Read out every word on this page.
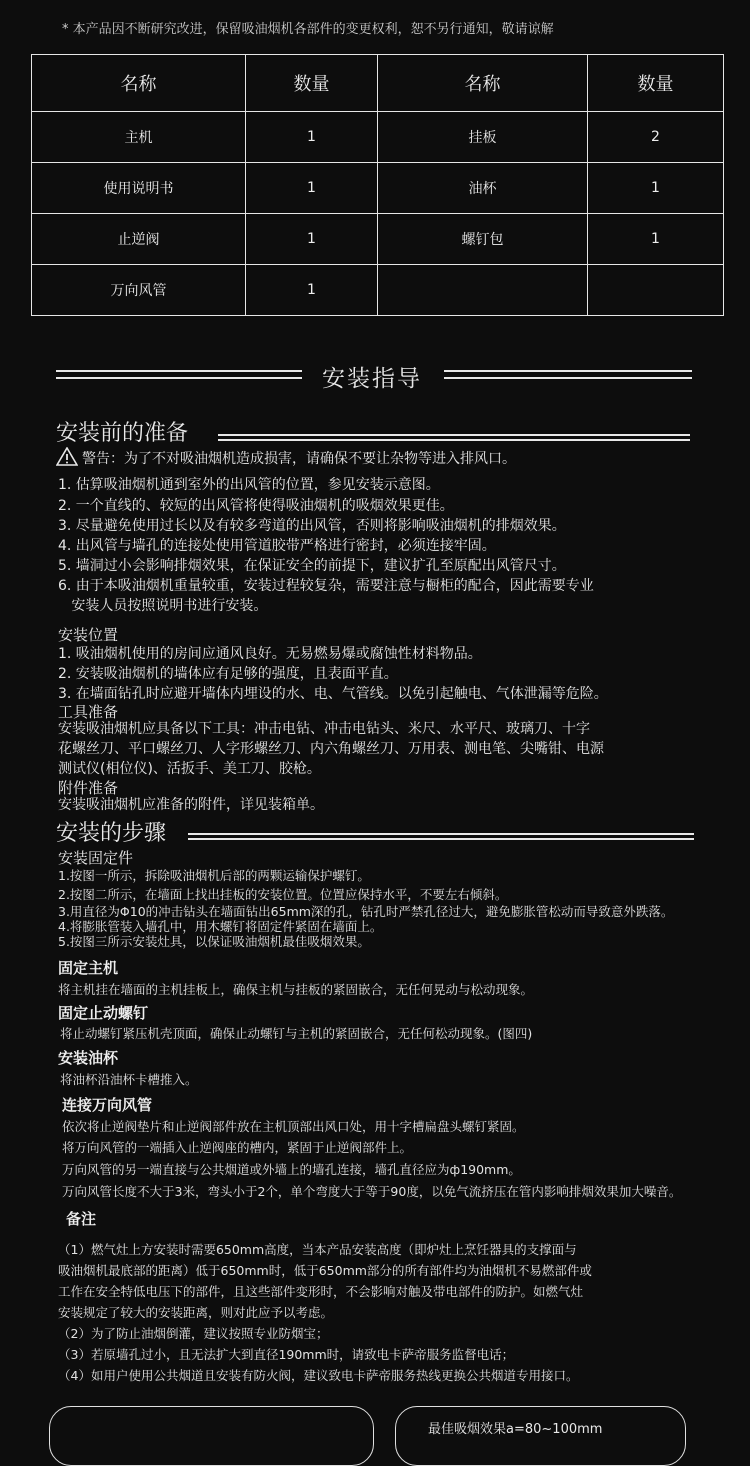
* 本产品因不断研究改进，保留吸油烟机各部件的变更权利，恕不另行通知，敬请谅解
名称	数量	名称	数量
主机	1	挂板	2
使用说明书	1	油杯	1
止逆阀	1	螺钉包	1
万向风管	1		
安装指导
安装前的准备
警告：为了不对吸油烟机造成损害，请确保不要让杂物等进入排风口。
1. 估算吸油烟机通到室外的出风管的位置，参见安装示意图。
2. 一个直线的、较短的出风管将使得吸油烟机的吸烟效果更佳。
3. 尽量避免使用过长以及有较多弯道的出风管，否则将影响吸油烟机的排烟效果。
4. 出风管与墙孔的连接处使用管道胶带严格进行密封，必须连接牢固。
5. 墙洞过小会影响排烟效果，在保证安全的前提下，建议扩孔至原配出风管尺寸。
6. 由于本吸油烟机重量较重，安装过程较复杂，需要注意与橱柜的配合，因此需要专业
安装人员按照说明书进行安装。
安装位置
1. 吸油烟机使用的房间应通风良好。无易燃易爆或腐蚀性材料物品。
2. 安装吸油烟机的墙体应有足够的强度，且表面平直。
3. 在墙面钻孔时应避开墙体内埋设的水、电、气管线。以免引起触电、气体泄漏等危险。
工具准备
安装吸油烟机应具备以下工具：冲击电钻、冲击电钻头、米尺、水平尺、玻璃刀、十字
花螺丝刀、平口螺丝刀、人字形螺丝刀、内六角螺丝刀、万用表、测电笔、尖嘴钳、电源
测试仪(相位仪)、活扳手、美工刀、胶枪。
附件准备
安装吸油烟机应准备的附件，详见装箱单。
安装的步骤
安装固定件
1.按图一所示，拆除吸油烟机后部的两颗运输保护螺钉。
2.按图二所示，在墙面上找出挂板的安装位置。位置应保持水平，不要左右倾斜。
3.用直径为Φ10的冲击钻头在墙面钻出65mm深的孔，钻孔时严禁孔径过大，避免膨胀管松动而导致意外跌落。
4.将膨胀管装入墙孔中，用木螺钉将固定件紧固在墙面上。
5.按图三所示安装灶具，以保证吸油烟机最佳吸烟效果。
固定主机
将主机挂在墙面的主机挂板上，确保主机与挂板的紧固嵌合，无任何晃动与松动现象。
固定止动螺钉
将止动螺钉紧压机壳顶面，确保止动螺钉与主机的紧固嵌合，无任何松动现象。(图四)
安装油杯
将油杯沿油杯卡槽推入。
连接万向风管
依次将止逆阀垫片和止逆阀部件放在主机顶部出风口处，用十字槽扁盘头螺钉紧固。
将万向风管的一端插入止逆阀座的槽内，紧固于止逆阀部件上。
万向风管的另一端直接与公共烟道或外墙上的墙孔连接，墙孔直径应为ф190mm。
万向风管长度不大于3米，弯头小于2个，单个弯度大于等于90度，以免气流挤压在管内影响排烟效果加大噪音。
备注
（1）燃气灶上方安装时需要650mm高度，当本产品安装高度（即炉灶上烹饪器具的支撑面与
吸油烟机最底部的距离）低于650mm时，低于650mm部分的所有部件均为油烟机不易燃部件或
工作在安全特低电压下的部件，且这些部件变形时，不会影响对触及带电部件的防护。如燃气灶
安装规定了较大的安装距离，则对此应予以考虑。
（2）为了防止油烟倒灌，建议按照专业防烟宝；
（3）若原墙孔过小，且无法扩大到直径190mm时，请致电卡萨帝服务监督电话；
（4）如用户使用公共烟道且安装有防火阀，建议致电卡萨帝服务热线更换公共烟道专用接口。
最佳吸烟效果a=80~100mm
